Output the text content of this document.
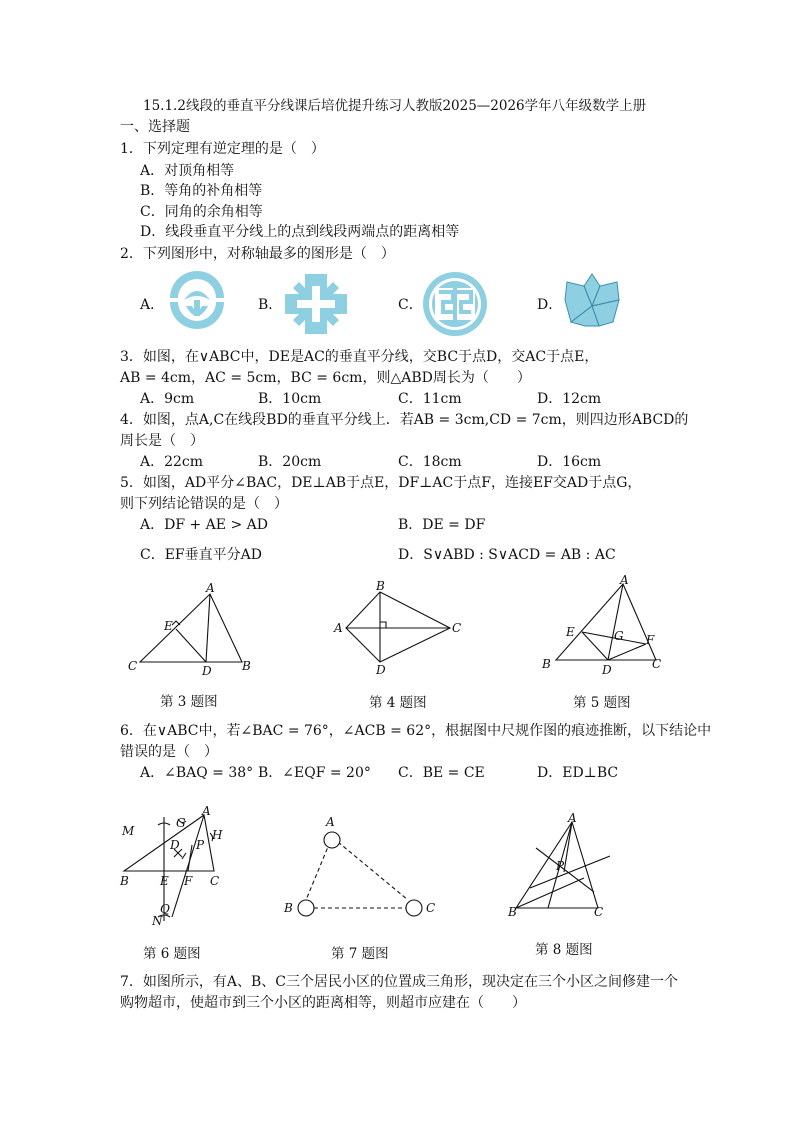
15.1.2线段的垂直平分线课后培优提升练习人教版2025—2026学年八年级数学上册
一、选择题
1．下列定理有逆定理的是（　）
A．对顶角相等
B．等角的补角相等
C．同角的余角相等
D．线段垂直平分线上的点到线段两端点的距离相等
2．下列图形中，对称轴最多的图形是（　）
A．	B．	C．	D．
3．如图，在∨ABC中，DE是AC的垂直平分线，交BC于点D，交AC于点E，
AB = 4cm，AC = 5cm，BC = 6cm，则△ABD周长为（　　）
A．9cm	B．10cm	C．11cm	D．12cm
4．如图，点A,C在线段BD的垂直平分线上．若AB = 3cm,CD = 7cm，则四边形ABCD的
周长是（　）
A．22cm	B．20cm	C．18cm	D．16cm
5．如图，AD平分∠BAC，DE⊥AB于点E，DF⊥AC于点F，连接EF交AD于点G，
则下列结论错误的是（　）
A．DF + AE > AD	B．DE = DF
C．EF垂直平分AD	D．S∨ABD : S∨ACD = AB : AC
A
C	B
E
D
B
A	C
D
A
B	C
E	G F
D
第 3 题图	第 4 题图	第 5 题图
6．在∨ABC中，若∠BAC = 76°，∠ACB = 62°，根据图中尺规作图的痕迹推断，以下结论中
错误的是（　）
A．∠BAQ = 38° B．∠EQF = 20° C．BE = CE	D．ED⊥BC
B	E F C
A
M
G
H
D P
Q
N
A
B	C
A
B	C
P
第 6 题图	第 7 题图	第 8 题图
7．如图所示，有A、B、C三个居民小区的位置成三角形，现决定在三个小区之间修建一个
购物超市，使超市到三个小区的距离相等，则超市应建在（　　）
